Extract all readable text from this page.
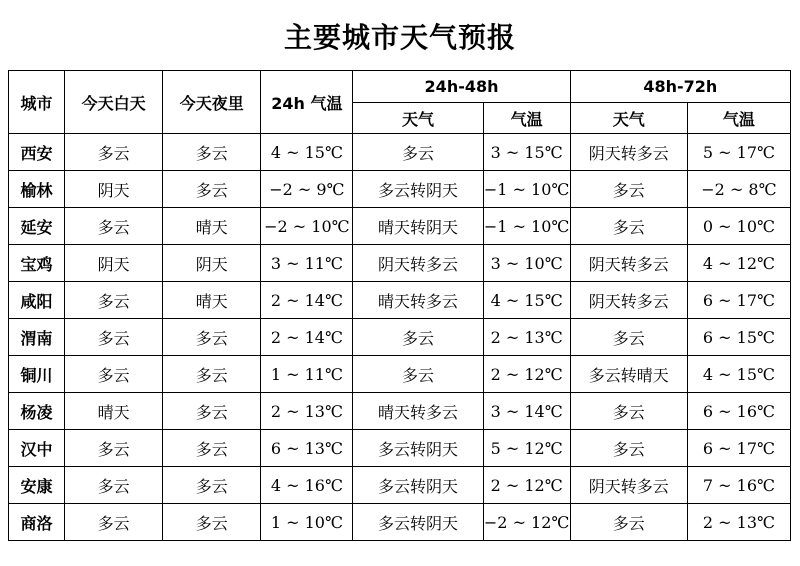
主要城市天气预报
城市	今天白天	今天夜里	24h 气温	24h-48h		48h-72h	
				天气	气温	天气	气温
西安	多云	多云	4 ~ 15℃	多云	3 ~ 15℃	阴天转多云	5 ~ 17℃
榆林	阴天	多云	−2 ~ 9℃	多云转阴天	−1 ~ 10℃	多云	−2 ~ 8℃
延安	多云	晴天	−2 ~ 10℃	晴天转阴天	−1 ~ 10℃	多云	0 ~ 10℃
宝鸡	阴天	阴天	3 ~ 11℃	阴天转多云	3 ~ 10℃	阴天转多云	4 ~ 12℃
咸阳	多云	晴天	2 ~ 14℃	晴天转多云	4 ~ 15℃	阴天转多云	6 ~ 17℃
渭南	多云	多云	2 ~ 14℃	多云	2 ~ 13℃	多云	6 ~ 15℃
铜川	多云	多云	1 ~ 11℃	多云	2 ~ 12℃	多云转晴天	4 ~ 15℃
杨凌	晴天	多云	2 ~ 13℃	晴天转多云	3 ~ 14℃	多云	6 ~ 16℃
汉中	多云	多云	6 ~ 13℃	多云转阴天	5 ~ 12℃	多云	6 ~ 17℃
安康	多云	多云	4 ~ 16℃	多云转阴天	2 ~ 12℃	阴天转多云	7 ~ 16℃
商洛	多云	多云	1 ~ 10℃	多云转阴天	−2 ~ 12℃	多云	2 ~ 13℃
